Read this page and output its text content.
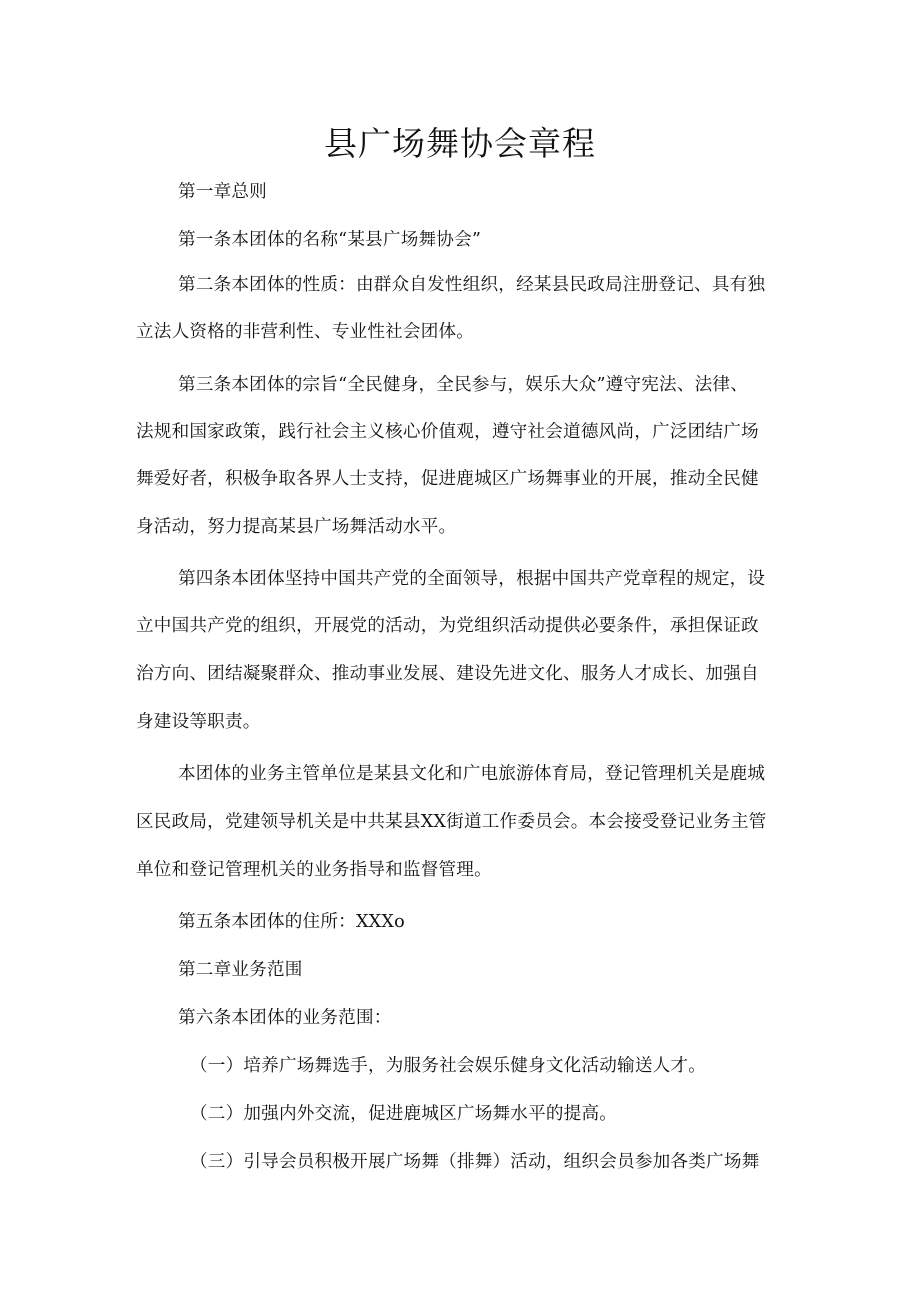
县广场舞协会章程
第一章总则
第一条本团体的名称“某县广场舞协会”
第二条本团体的性质：由群众自发性组织，经某县民政局注册登记、具有独
立法人资格的非营利性、专业性社会团体。
第三条本团体的宗旨“全民健身，全民参与，娱乐大众”遵守宪法、法律、
法规和国家政策，践行社会主义核心价值观，遵守社会道德风尚，广泛团结广场
舞爱好者，积极争取各界人士支持，促进鹿城区广场舞事业的开展，推动全民健
身活动，努力提高某县广场舞活动水平。
第四条本团体坚持中国共产党的全面领导，根据中国共产党章程的规定，设
立中国共产党的组织，开展党的活动，为党组织活动提供必要条件，承担保证政
治方向、团结凝聚群众、推动事业发展、建设先进文化、服务人才成长、加强自
身建设等职责。
本团体的业务主管单位是某县文化和广电旅游体育局，登记管理机关是鹿城
区民政局，党建领导机关是中共某县XX街道工作委员会。本会接受登记业务主管
单位和登记管理机关的业务指导和监督管理。
第五条本团体的住所：XXXo
第二章业务范围
第六条本团体的业务范围：
（一）培养广场舞选手，为服务社会娱乐健身文化活动输送人才。
（二）加强内外交流，促进鹿城区广场舞水平的提高。
（三）引导会员积极开展广场舞（排舞）活动，组织会员参加各类广场舞
